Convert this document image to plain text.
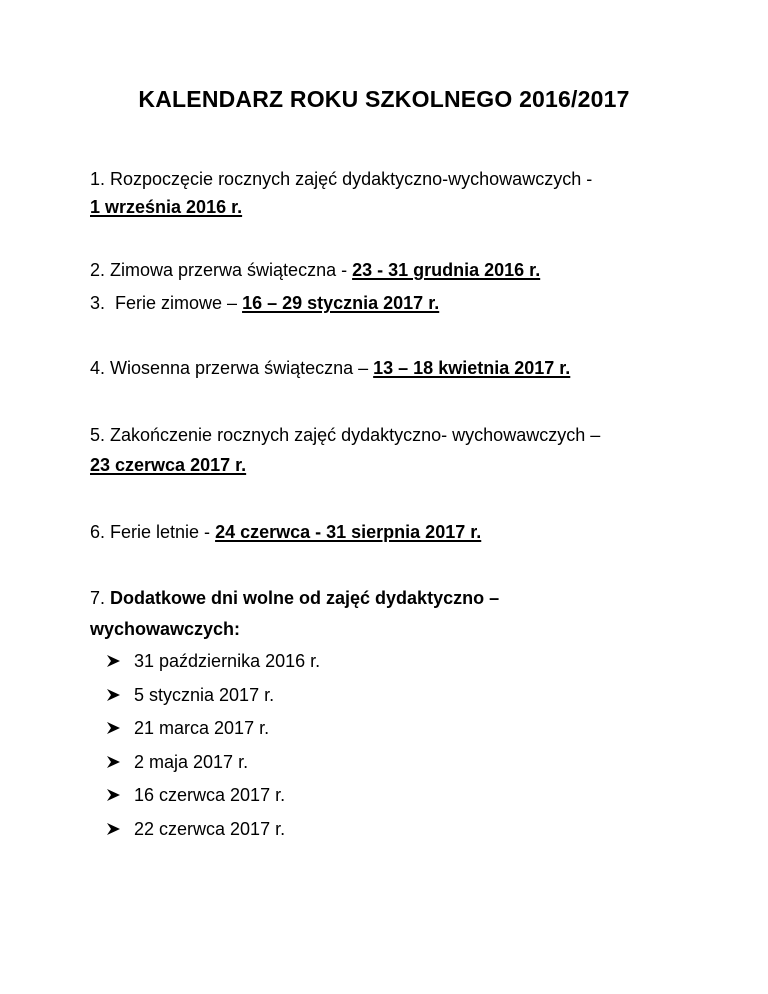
KALENDARZ ROKU SZKOLNEGO 2016/2017
1. Rozpoczęcie rocznych zajęć dydaktyczno-wychowawczych -
1 września 2016 r.
2. Zimowa przerwa świąteczna - 23 - 31 grudnia 2016 r.
3.  Ferie zimowe – 16 – 29 stycznia 2017 r.
4. Wiosenna przerwa świąteczna – 13 – 18 kwietnia 2017 r.
5. Zakończenie rocznych zajęć dydaktyczno- wychowawczych –
23 czerwca 2017 r.
6. Ferie letnie - 24 czerwca - 31 sierpnia 2017 r.
7. Dodatkowe dni wolne od zajęć dydaktyczno –
wychowawczych:
31 października 2016 r.
5 stycznia 2017 r.
21 marca 2017 r.
2 maja 2017 r.
16 czerwca 2017 r.
22 czerwca 2017 r.
